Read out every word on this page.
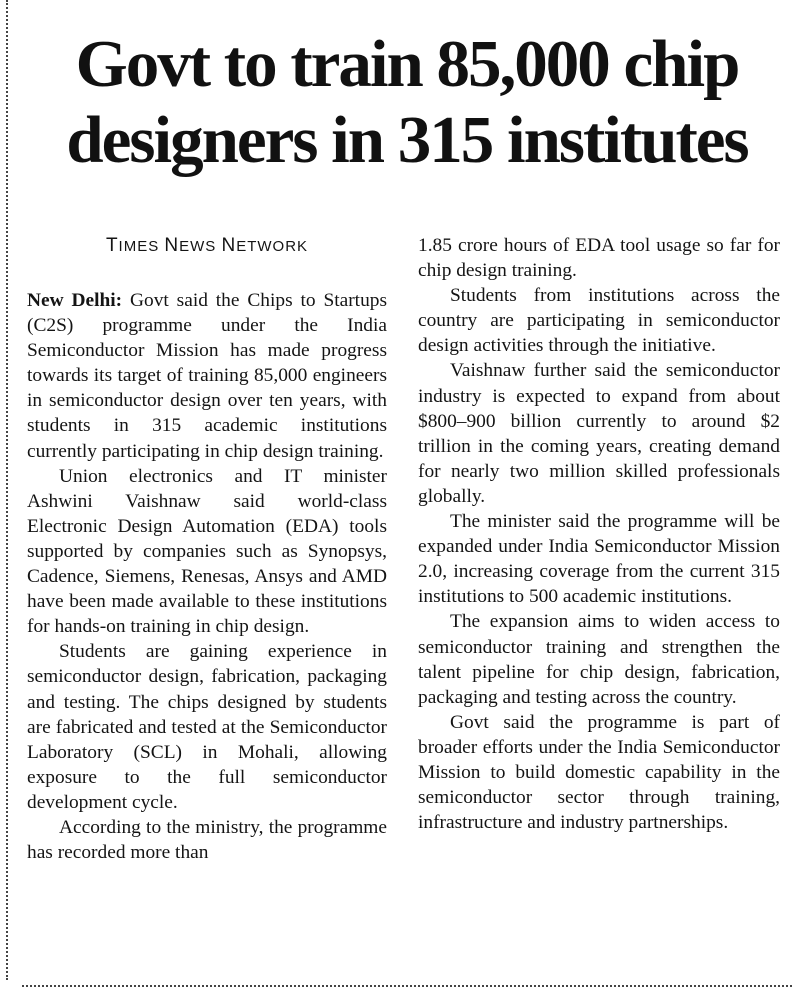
Govt to train 85,000 chip
designers in 315 institutes
TIMES NEWS NETWORK

New Delhi: Govt said the Chips to Startups (C2S) programme under the India Semiconductor Mission has made progress towards its target of training 85,000 engineers in semiconductor design over ten years, with students in 315 academic institutions currently participating in chip design training.

Union electronics and IT minister Ashwini Vaishnaw said world-class Electronic Design Automation (EDA) tools supported by companies such as Synopsys, Cadence, Siemens, Renesas, Ansys and AMD have been made available to these institutions for hands-on training in chip design.

Students are gaining experience in semiconductor design, fabrication, packaging and testing. The chips designed by students are fabricated and tested at the Semiconductor Laboratory (SCL) in Mohali, allowing exposure to the full semiconductor development cycle.

According to the ministry, the programme has recorded more than

1.85 crore hours of EDA tool usage so far for chip design training.

Students from institutions across the country are participating in semiconductor design activities through the initiative.

Vaishnaw further said the semiconductor industry is expected to expand from about $800–900 billion currently to around $2 trillion in the coming years, creating demand for nearly two million skilled professionals globally.

The minister said the programme will be expanded under India Semiconductor Mission 2.0, increasing coverage from the current 315 institutions to 500 academic institutions.

The expansion aims to widen access to semiconductor training and strengthen the talent pipeline for chip design, fabrication, packaging and testing across the country.

Govt said the programme is part of broader efforts under the India Semiconductor Mission to build domestic capability in the semiconductor sector through training, infrastructure and industry partnerships.
